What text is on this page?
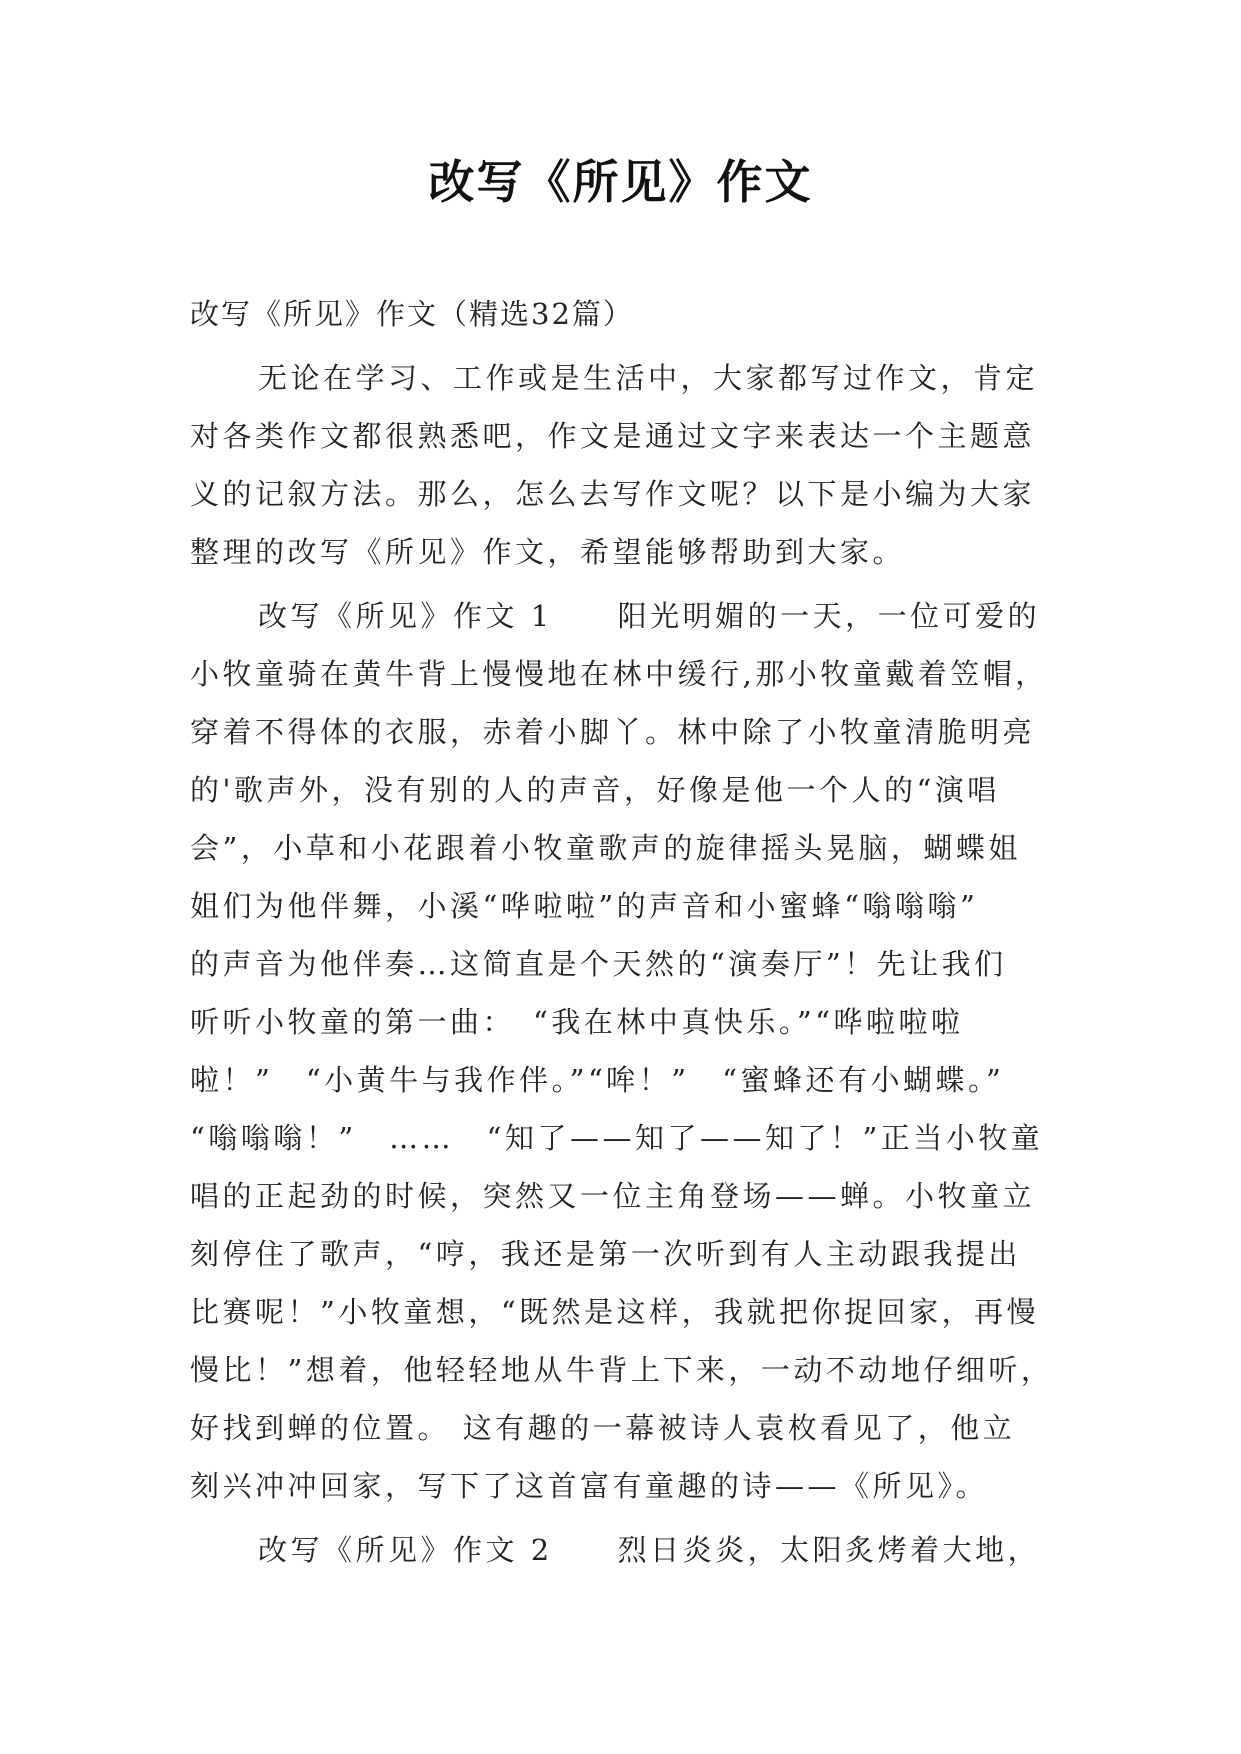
改写《所见》作文
改写《所见》作文（精选32篇）
无论在学习、工作或是生活中，大家都写过作文，肯定
对各类作文都很熟悉吧，作文是通过文字来表达一个主题意
义的记叙方法。那么，怎么去写作文呢？以下是小编为大家
整理的改写《所见》作文，希望能够帮助到大家。
改写《所见》作文 1　　阳光明媚的一天，一位可爱的
小牧童骑在黄牛背上慢慢地在林中缓行,那小牧童戴着笠帽，
穿着不得体的衣服，赤着小脚丫。林中除了小牧童清脆明亮
的'歌声外，没有别的人的声音，好像是他一个人的“演唱
会”，小草和小花跟着小牧童歌声的旋律摇头晃脑，蝴蝶姐
姐们为他伴舞，小溪“哗啦啦”的声音和小蜜蜂“嗡嗡嗡”
的声音为他伴奏…这简直是个天然的“演奏厅”！先让我们
听听小牧童的第一曲：　“我在林中真快乐。”“哗啦啦啦
啦！”　“小黄牛与我作伴。”“哞！”　“蜜蜂还有小蝴蝶。”
“嗡嗡嗡！”　……　“知了——知了——知了！”正当小牧童
唱的正起劲的时候，突然又一位主角登场——蝉。小牧童立
刻停住了歌声，“哼，我还是第一次听到有人主动跟我提出
比赛呢！”小牧童想，“既然是这样，我就把你捉回家，再慢
慢比！”想着，他轻轻地从牛背上下来，一动不动地仔细听，
好找到蝉的位置。 这有趣的一幕被诗人袁枚看见了，他立
刻兴冲冲回家，写下了这首富有童趣的诗——《所见》。
改写《所见》作文 2　　烈日炎炎，太阳炙烤着大地，
